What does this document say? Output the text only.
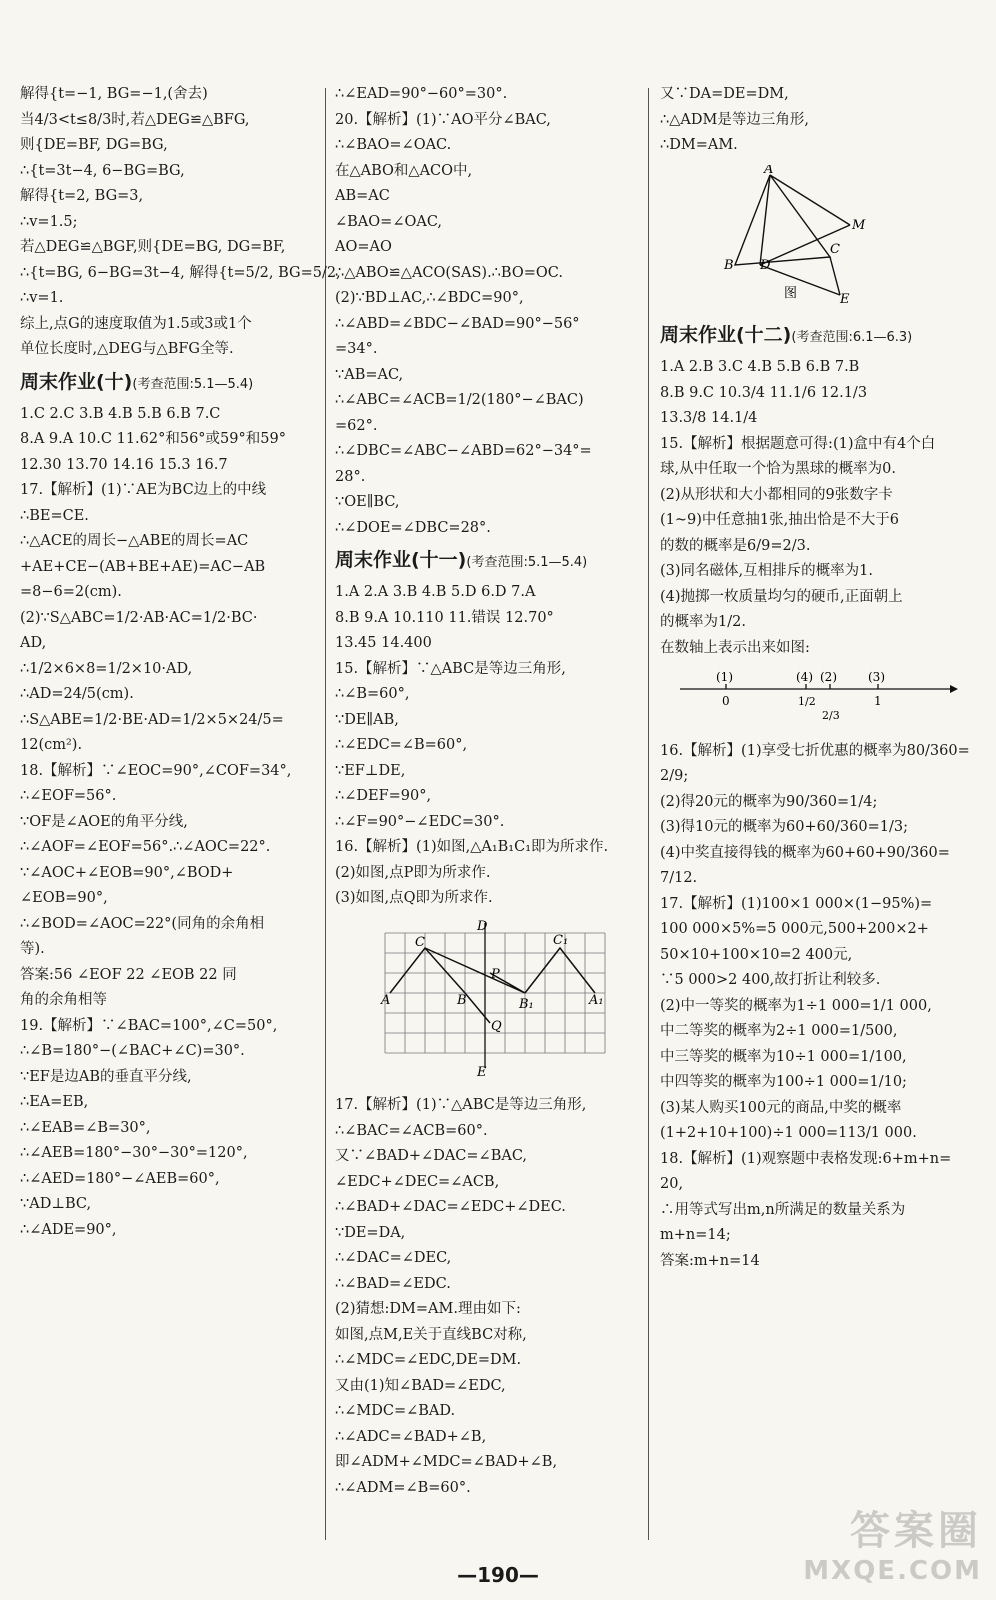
解得{t=−1, BG=−1,(舍去)

当4/3<t≤8/3时,若△DEG≌△BFG,

则{DE=BF, DG=BG,

∴{t=3t−4, 6−BG=BG,

解得{t=2, BG=3,

∴v=1.5;

若△DEG≌△BGF,则{DE=BG, DG=BF,

∴{t=BG, 6−BG=3t−4, 解得{t=5/2, BG=5/2,

∴v=1.

综上,点G的速度取值为1.5或3或1个

单位长度时,△DEG与△BFG全等.

周末作业(十)(考查范围:5.1—5.4)

1.C 2.C 3.B 4.B 5.B 6.B 7.C

8.A 9.A 10.C 11.62°和56°或59°和59°

12.30 13.70 14.16 15.3 16.7

17.【解析】(1)∵AE为BC边上的中线

∴BE=CE.

∴△ACE的周长−△ABE的周长=AC

+AE+CE−(AB+BE+AE)=AC−AB

=8−6=2(cm).

(2)∵S△ABC=1/2·AB·AC=1/2·BC·

AD,

∴1/2×6×8=1/2×10·AD,

∴AD=24/5(cm).

∴S△ABE=1/2·BE·AD=1/2×5×24/5=

12(cm²).

18.【解析】∵∠EOC=90°,∠COF=34°,

∴∠EOF=56°.

∵OF是∠AOE的角平分线,

∴∠AOF=∠EOF=56°.∴∠AOC=22°.

∵∠AOC+∠EOB=90°,∠BOD+

∠EOB=90°,

∴∠BOD=∠AOC=22°(同角的余角相

等).

答案:56 ∠EOF 22 ∠EOB 22 同

角的余角相等

19.【解析】∵∠BAC=100°,∠C=50°,

∴∠B=180°−(∠BAC+∠C)=30°.

∵EF是边AB的垂直平分线,

∴EA=EB,

∴∠EAB=∠B=30°,

∴∠AEB=180°−30°−30°=120°,

∴∠AED=180°−∠AEB=60°,

∵AD⊥BC,

∴∠ADE=90°,

∴∠EAD=90°−60°=30°.

20.【解析】(1)∵AO平分∠BAC,

∴∠BAO=∠OAC.

在△ABO和△ACO中,

AB=AC

∠BAO=∠OAC,

AO=AO

∴△ABO≌△ACO(SAS).∴BO=OC.

(2)∵BD⊥AC,∴∠BDC=90°,

∴∠ABD=∠BDC−∠BAD=90°−56°

=34°.

∵AB=AC,

∴∠ABC=∠ACB=1/2(180°−∠BAC)

=62°.

∴∠DBC=∠ABC−∠ABD=62°−34°=

28°.

∵OE∥BC,

∴∠DOE=∠DBC=28°.

周末作业(十一)(考查范围:5.1—5.4)

1.A 2.A 3.B 4.B 5.D 6.D 7.A

8.B 9.A 10.110 11.错误 12.70°

13.45 14.400

15.【解析】∵△ABC是等边三角形,

∴∠B=60°,

∵DE∥AB,

∴∠EDC=∠B=60°,

∵EF⊥DE,

∴∠DEF=90°,

∴∠F=90°−∠EDC=30°.

16.【解析】(1)如图,△A₁B₁C₁即为所求作.

(2)如图,点P即为所求作.

(3)如图,点Q即为所求作.

C	C₁
A	B	B₁	A₁
D
P
Q
E

17.【解析】(1)∵△ABC是等边三角形,

∴∠BAC=∠ACB=60°.

又∵∠BAD+∠DAC=∠BAC,

∠EDC+∠DEC=∠ACB,

∴∠BAD+∠DAC=∠EDC+∠DEC.

∵DE=DA,

∴∠DAC=∠DEC,

∴∠BAD=∠EDC.

(2)猜想:DM=AM.理由如下:

如图,点M,E关于直线BC对称,

∴∠MDC=∠EDC,DE=DM.

又由(1)知∠BAD=∠EDC,

∴∠MDC=∠BAD.

∴∠ADC=∠BAD+∠B,

即∠ADM+∠MDC=∠BAD+∠B,

∴∠ADM=∠B=60°.

又∵DA=DE=DM,

∴△ADM是等边三角形,

∴DM=AM.

A
M
C
B D
E
图
周末作业(十二)(考查范围:6.1—6.3)

1.A 2.B 3.C 4.B 5.B 6.B 7.B

8.B 9.C 10.3/4 11.1/6 12.1/3

13.3/8 14.1/4

15.【解析】根据题意可得:(1)盒中有4个白

球,从中任取一个恰为黑球的概率为0.

(2)从形状和大小都相同的9张数字卡

(1~9)中任意抽1张,抽出恰是不大于6

的数的概率是6/9=2/3.

(3)同名磁体,互相排斥的概率为1.

(4)抛掷一枚质量均匀的硬币,正面朝上

的概率为1/2.

在数轴上表示出来如图:

(1)	(4) (2)	(3)
0	1/2
2/3
1

16.【解析】(1)享受七折优惠的概率为80/360=

2/9;

(2)得20元的概率为90/360=1/4;

(3)得10元的概率为60+60/360=1/3;

(4)中奖直接得钱的概率为60+60+90/360=

7/12.

17.【解析】(1)100×1 000×(1−95%)=

100 000×5%=5 000元,500+200×2+

50×10+100×10=2 400元,

∵5 000>2 400,故打折让利较多.

(2)中一等奖的概率为1÷1 000=1/1 000,

中二等奖的概率为2÷1 000=1/500,

中三等奖的概率为10÷1 000=1/100,

中四等奖的概率为100÷1 000=1/10;

(3)某人购买100元的商品,中奖的概率

(1+2+10+100)÷1 000=113/1 000.

18.【解析】(1)观察题中表格发现:6+m+n=

20,

∴用等式写出m,n所满足的数量关系为

m+n=14;

答案:m+n=14

—190—
答案圈
MXQE.COM
